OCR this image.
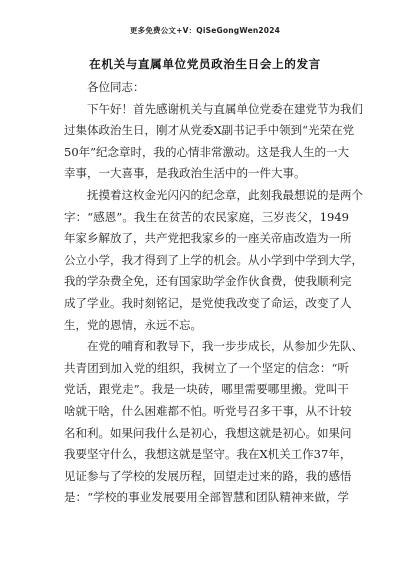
更多免费公文+V：QiSeGongWen2024
在机关与直属单位党员政治生日会上的发言
各位同志：
下午好！首先感谢机关与直属单位党委在建党节为我们
过集体政治生日，刚才从党委X副书记手中领到“光荣在党
50年”纪念章时，我的心情非常激动。这是我人生的一大
幸事，一大喜事，是我政治生活中的一件大事。
抚摸着这枚金光闪闪的纪念章，此刻我最想说的是两个
字：“感恩”。我生在贫苦的农民家庭，三岁丧父，1949
年家乡解放了，共产党把我家乡的一座关帝庙改造为一所
公立小学，我才得到了上学的机会。从小学到中学到大学，
我的学杂费全免，还有国家助学金作伙食费，使我顺利完
成了学业。我时刻铭记，是党使我改变了命运，改变了人
生，党的恩情，永远不忘。
在党的哺育和教导下，我一步步成长，从参加少先队、
共青团到加入党的组织，我树立了一个坚定的信念：“听
党话，跟党走”。我是一块砖，哪里需要哪里搬。党叫干
啥就干啥，什么困难都不怕。听党号召多干事，从不计较
名和利。如果问我什么是初心，我想这就是初心。如果问
我要坚守什么，我想这就是坚守。我在X机关工作37年，
见证参与了学校的发展历程，回望走过来的路，我的感悟
是：“学校的事业发展要用全部智慧和团队精神来做，学
